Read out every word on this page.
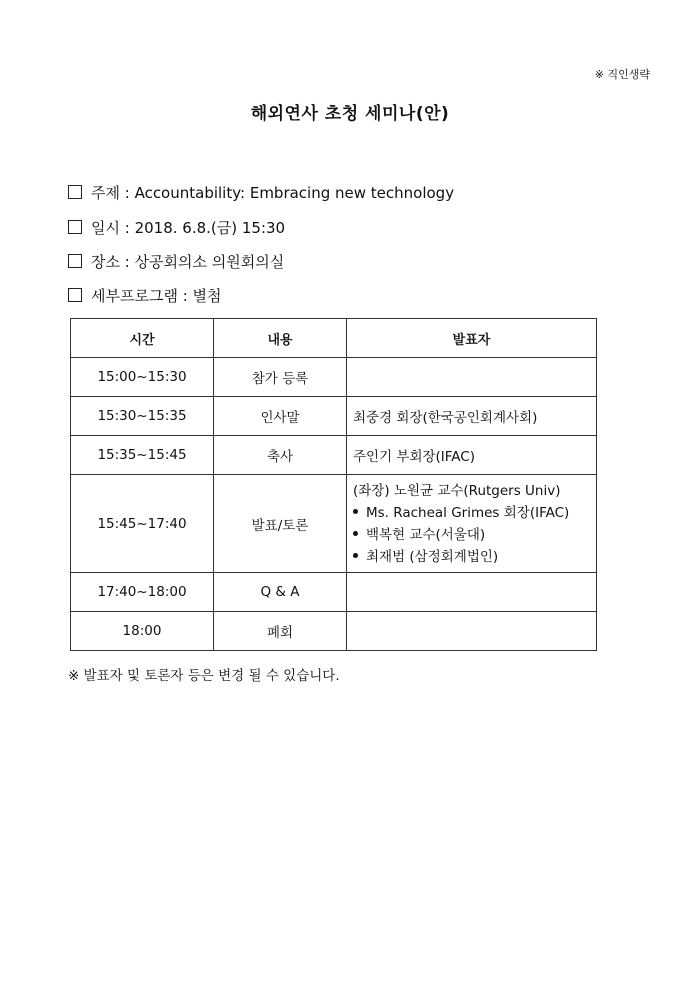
※ 직인생략
해외연사 초청 세미나(안)
주제 : Accountability: Embracing new technology
일시 : 2018. 6.8.(금) 15:30
장소 : 상공회의소 의원회의실
세부프로그램 : 별첨
시간	내용	발표자
15:00~15:30	참가 등록	
15:30~15:35	인사말	최중경 회장(한국공인회계사회)
15:35~15:45	축사	주인기 부회장(IFAC)
15:45~17:40	발표/토론	(좌장) 노원균 교수(Rutgers Univ)
Ms. Racheal Grimes 회장(IFAC)
백복현 교수(서울대)
최재범 (삼정회계법인)

17:40~18:00	Q & A	
18:00	폐회	
※ 발표자 및 토론자 등은 변경 될 수 있습니다.
